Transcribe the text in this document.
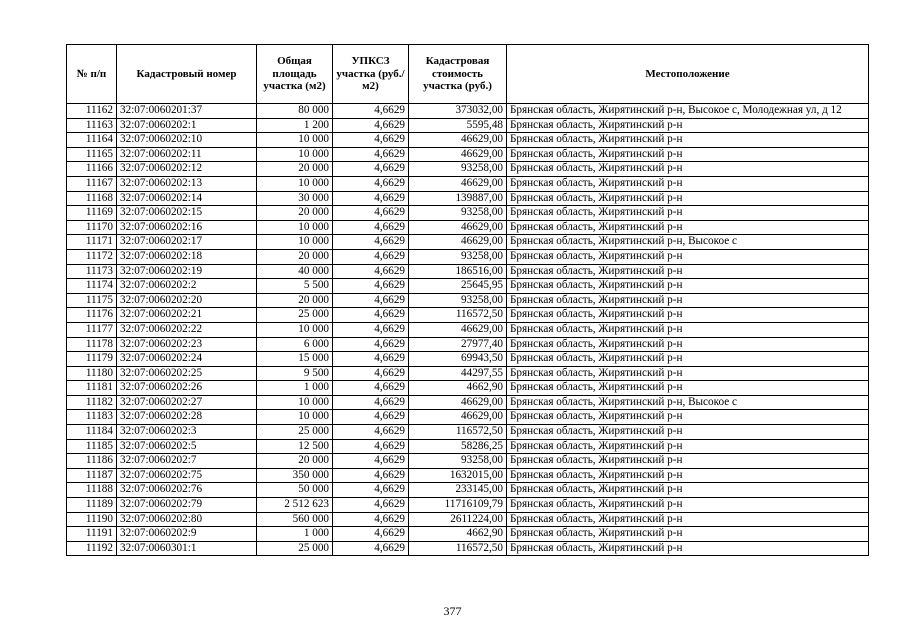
№ п/п	Кадастровый номер	Общая площадь участка (м2)	УПКСЗ участка (руб./м2)	Кадастровая стоимость участка (руб.)	Местоположение
11162	32:07:0060201:37	80 000	4,6629	373032,00	Брянская область, Жирятинский р-н, Высокое с, Молодежная ул, д 12
11163	32:07:0060202:1	1 200	4,6629	5595,48	Брянская область, Жирятинский р-н
11164	32:07:0060202:10	10 000	4,6629	46629,00	Брянская область, Жирятинский р-н
11165	32:07:0060202:11	10 000	4,6629	46629,00	Брянская область, Жирятинский р-н
11166	32:07:0060202:12	20 000	4,6629	93258,00	Брянская область, Жирятинский р-н
11167	32:07:0060202:13	10 000	4,6629	46629,00	Брянская область, Жирятинский р-н
11168	32:07:0060202:14	30 000	4,6629	139887,00	Брянская область, Жирятинский р-н
11169	32:07:0060202:15	20 000	4,6629	93258,00	Брянская область, Жирятинский р-н
11170	32:07:0060202:16	10 000	4,6629	46629,00	Брянская область, Жирятинский р-н
11171	32:07:0060202:17	10 000	4,6629	46629,00	Брянская область, Жирятинский р-н, Высокое с
11172	32:07:0060202:18	20 000	4,6629	93258,00	Брянская область, Жирятинский р-н
11173	32:07:0060202:19	40 000	4,6629	186516,00	Брянская область, Жирятинский р-н
11174	32:07:0060202:2	5 500	4,6629	25645,95	Брянская область, Жирятинский р-н
11175	32:07:0060202:20	20 000	4,6629	93258,00	Брянская область, Жирятинский р-н
11176	32:07:0060202:21	25 000	4,6629	116572,50	Брянская область, Жирятинский р-н
11177	32:07:0060202:22	10 000	4,6629	46629,00	Брянская область, Жирятинский р-н
11178	32:07:0060202:23	6 000	4,6629	27977,40	Брянская область, Жирятинский р-н
11179	32:07:0060202:24	15 000	4,6629	69943,50	Брянская область, Жирятинский р-н
11180	32:07:0060202:25	9 500	4,6629	44297,55	Брянская область, Жирятинский р-н
11181	32:07:0060202:26	1 000	4,6629	4662,90	Брянская область, Жирятинский р-н
11182	32:07:0060202:27	10 000	4,6629	46629,00	Брянская область, Жирятинский р-н, Высокое с
11183	32:07:0060202:28	10 000	4,6629	46629,00	Брянская область, Жирятинский р-н
11184	32:07:0060202:3	25 000	4,6629	116572,50	Брянская область, Жирятинский р-н
11185	32:07:0060202:5	12 500	4,6629	58286,25	Брянская область, Жирятинский р-н
11186	32:07:0060202:7	20 000	4,6629	93258,00	Брянская область, Жирятинский р-н
11187	32:07:0060202:75	350 000	4,6629	1632015,00	Брянская область, Жирятинский р-н
11188	32:07:0060202:76	50 000	4,6629	233145,00	Брянская область, Жирятинский р-н
11189	32:07:0060202:79	2 512 623	4,6629	11716109,79	Брянская область, Жирятинский р-н
11190	32:07:0060202:80	560 000	4,6629	2611224,00	Брянская область, Жирятинский р-н
11191	32:07:0060202:9	1 000	4,6629	4662,90	Брянская область, Жирятинский р-н
11192	32:07:0060301:1	25 000	4,6629	116572,50	Брянская область, Жирятинский р-н
377
